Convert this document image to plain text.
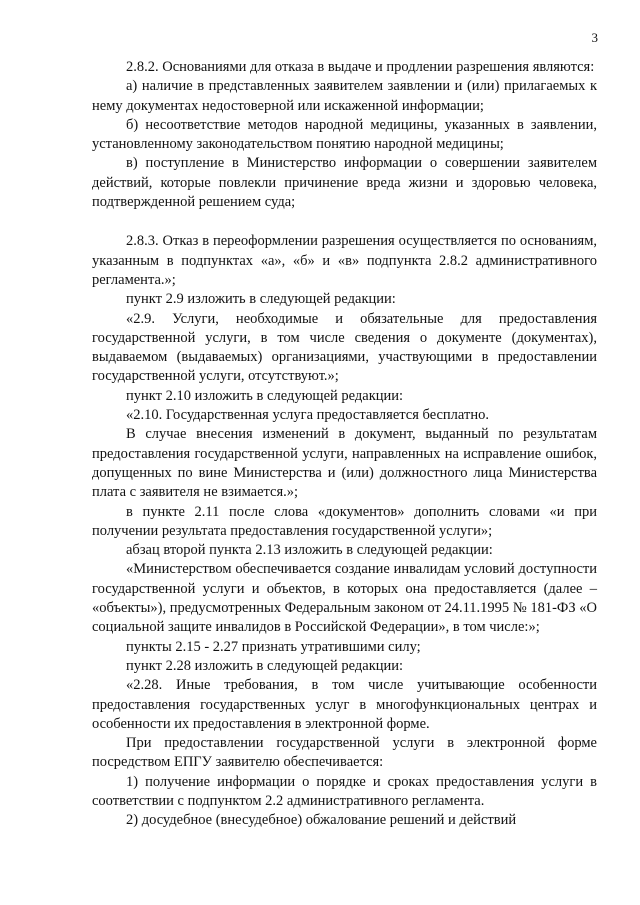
3

2.8.2. Основаниями для отказа в выдаче и продлении разрешения являются:

а) наличие в представленных заявителем заявлении и (или) прилагаемых к нему документах недостоверной или искаженной информации;

б) несоответствие методов народной медицины, указанных в заявлении, установленному законодательством понятию народной медицины;

в) поступление в Министерство информации о совершении заявителем действий, которые повлекли причинение вреда жизни и здоровью человека, подтвержденной решением суда;

2.8.3. Отказ в переоформлении разрешения осуществляется по основаниям, указанным в подпунктах «а», «б» и «в» подпункта 2.8.2 административного регламента.»;

пункт 2.9 изложить в следующей редакции:

«2.9. Услуги, необходимые и обязательные для предоставления государственной услуги, в том числе сведения о документе (документах), выдаваемом (выдаваемых) организациями, участвующими в предоставлении государственной услуги, отсутствуют.»;

пункт 2.10 изложить в следующей редакции:

«2.10. Государственная услуга предоставляется бесплатно.

В случае внесения изменений в документ, выданный по результатам предоставления государственной услуги, направленных на исправление ошибок, допущенных по вине Министерства и (или) должностного лица Министерства плата с заявителя не взимается.»;

в пункте 2.11 после слова «документов» дополнить словами «и при получении результата предоставления государственной услуги»;

абзац второй пункта 2.13 изложить в следующей редакции:

«Министерством обеспечивается создание инвалидам условий доступности государственной услуги и объектов, в которых она предоставляется (далее – «объекты»), предусмотренных Федеральным законом от 24.11.1995 № 181-ФЗ «О социальной защите инвалидов в Российской Федерации», в том числе:»;

пункты 2.15 - 2.27 признать утратившими силу;

пункт 2.28 изложить в следующей редакции:

«2.28. Иные требования, в том числе учитывающие особенности предоставления государственных услуг в многофункциональных центрах и особенности их предоставления в электронной форме.

При предоставлении государственной услуги в электронной форме посредством ЕПГУ заявителю обеспечивается:

1) получение информации о порядке и сроках предоставления услуги в соответствии с подпунктом 2.2 административного регламента.

2) досудебное (внесудебное) обжалование решений и действий
